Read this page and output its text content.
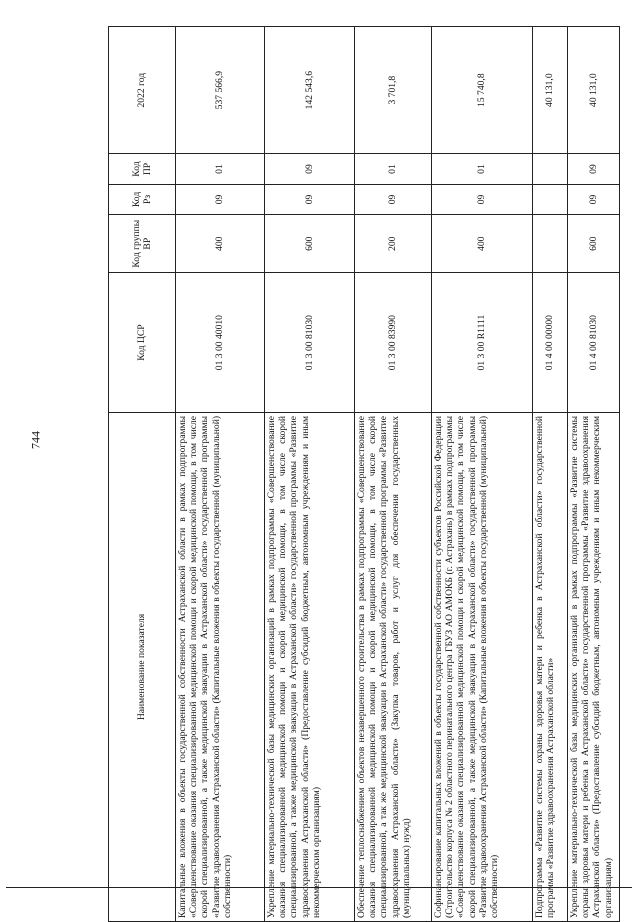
744
Наименование показателя	Код ЦСР	Код группы ВР	Код Рз	Код ПР	2022 год
Капитальные вложения в объекты государственной собственности Астраханской области в рамках подпрограммы «Совершенствование оказания специализированной медицинской помощи и скорой медицинской помощи, в том числе скорой специализированной, а также медицинской эвакуации в Астраханской области» государственной программы «Развитие здравоохранения Астраханской области» (Капитальные вложения в объекты государственной (муниципальной) собственности)	01 3 00 40010	400	09	01	537 566,9
Укрепление материально-технической базы медицинских организаций в рамках подпрограммы «Совершенствование оказания специализированной медицинской помощи и скорой медицинской помощи, в том числе скорой специализированной, а также медицинской эвакуации в Астраханской области» государственной программы «Развитие здравоохранения Астраханской области» (Предоставление субсидий бюджетным, автономным учреждениям и иным некоммерческим организациям)	01 3 00 81030	600	09	09	142 543,6
Обеспечение теплоснабжением объектов незавершенного строительства в рамках подпрограммы «Совершенствование оказания специализированной медицинской помощи и скорой медицинской помощи, в том числе скорой специализированной, а так же медицинской эвакуации в Астраханской области» государственной программы «Развитие здравоохранения Астраханской области» (Закупка товаров, работ и услуг для обеспечения государственных (муниципальных) нужд)	01 3 00 83990	200	09	01	3 701,8
Софинансирование капитальных вложений в объекты государственной собственности субъектов Российской Федерации (Строительство корпуса № 2 областного перинатального центра ГБУЗ АО АМОКБ (г. Астрахань) в рамках подпрограммы «Совершенствование оказания специализированной медицинской помощи и скорой медицинской помощи, в том числе скорой специализированной, а также медицинской эвакуации в Астраханской области» государственной программы «Развитие здравоохранения Астраханской области» (Капитальные вложения в объекты государственной (муниципальной) собственности)	01 3 00 R1111	400	09	01	15 740,8
Подпрограмма «Развитие системы охраны здоровья матери и ребенка в Астраханской области» государственной программы «Развитие здравоохранения Астраханской области»	01 4 00 00000				40 131,0
Укрепление материально-технической базы медицинских организаций в рамках подпрограммы «Развитие системы охраны здоровья матери и ребенка в Астраханской области» государственной программы «Развитие здравоохранения Астраханской области» (Предоставление субсидий бюджетным, автономным учреждениям и иным некоммерческим организациям)	01 4 00 81030	600	09	09	40 131,0
